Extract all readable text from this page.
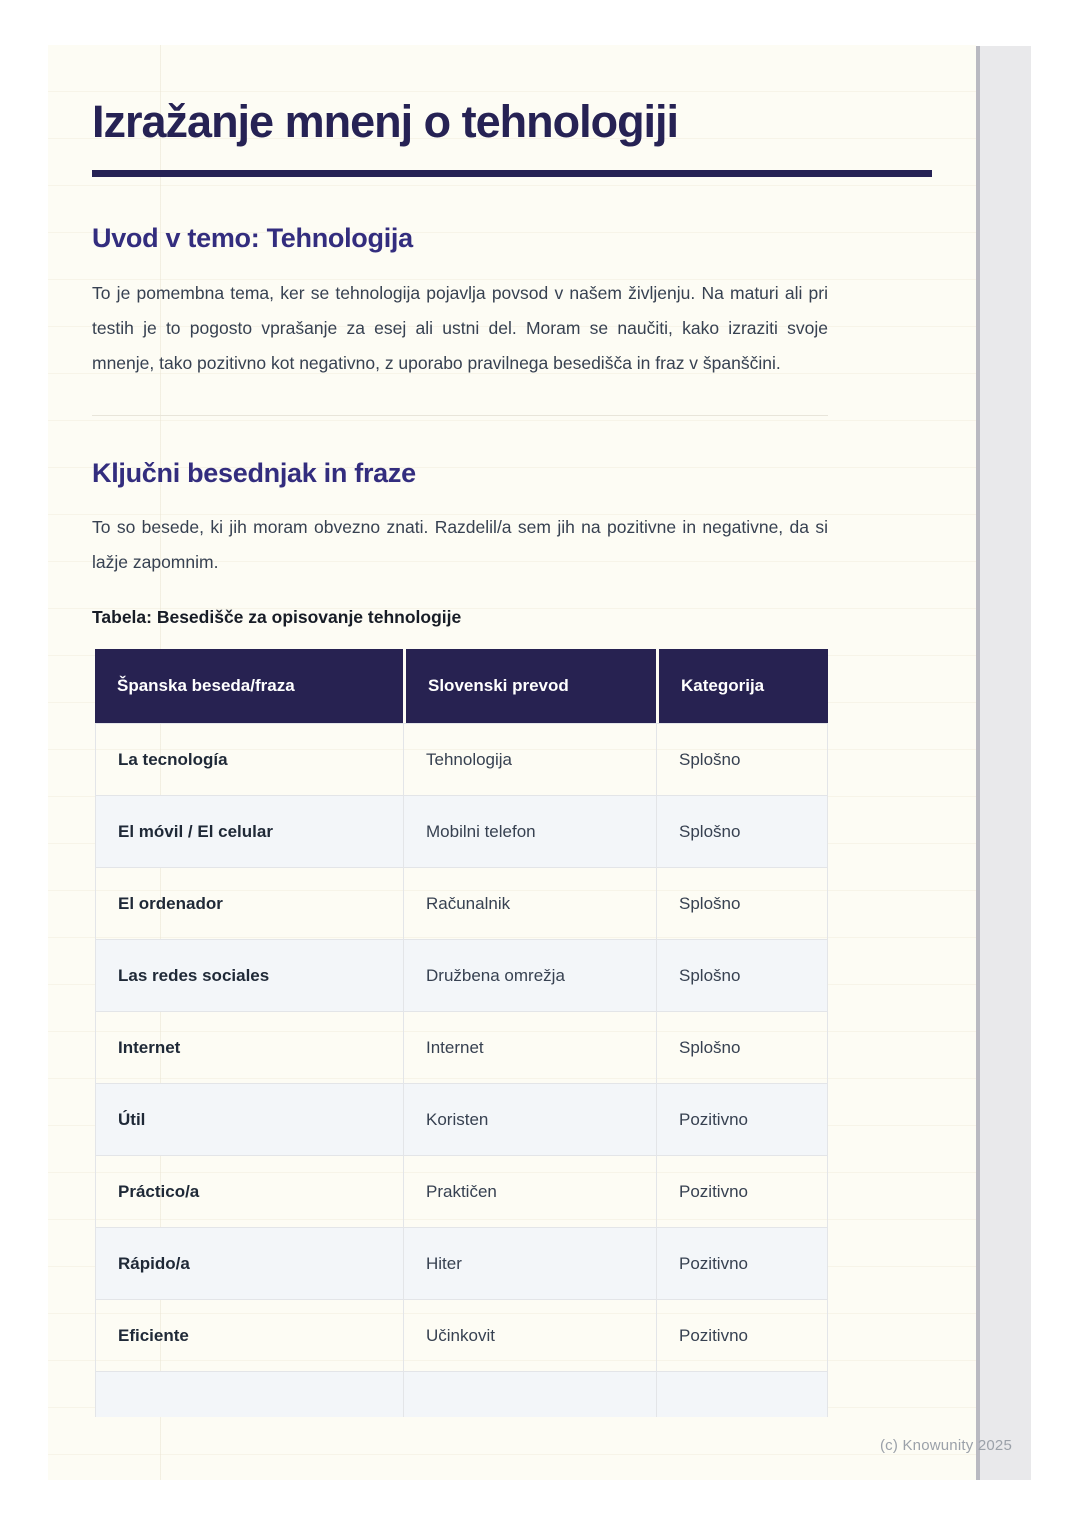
Izražanje mnenj o tehnologiji
Uvod v temo: Tehnologija

To je pomembna tema, ker se tehnologija pojavlja povsod v našem življenju. Na maturi ali pri testih je to pogosto vprašanje za esej ali ustni del. Moram se naučiti, kako izraziti svoje mnenje, tako pozitivno kot negativno, z uporabo pravilnega besedišča in fraz v španščini.

Ključni besednjak in fraze

To so besede, ki jih moram obvezno znati. Razdelil/a sem jih na pozitivne in negativne, da si lažje zapomnim.

Tabela: Besedišče za opisovanje tehnologije

Španska beseda/fraza	Slovenski prevod	Kategorija
La tecnología	Tehnologija	Splošno
El móvil / El celular	Mobilni telefon	Splošno
El ordenador	Računalnik	Splošno
Las redes sociales	Družbena omrežja	Splošno
Internet	Internet	Splošno
Útil	Koristen	Pozitivno
Práctico/a	Praktičen	Pozitivno
Rápido/a	Hiter	Pozitivno
Eficiente	Učinkovit	Pozitivno

(c) Knowunity 2025
